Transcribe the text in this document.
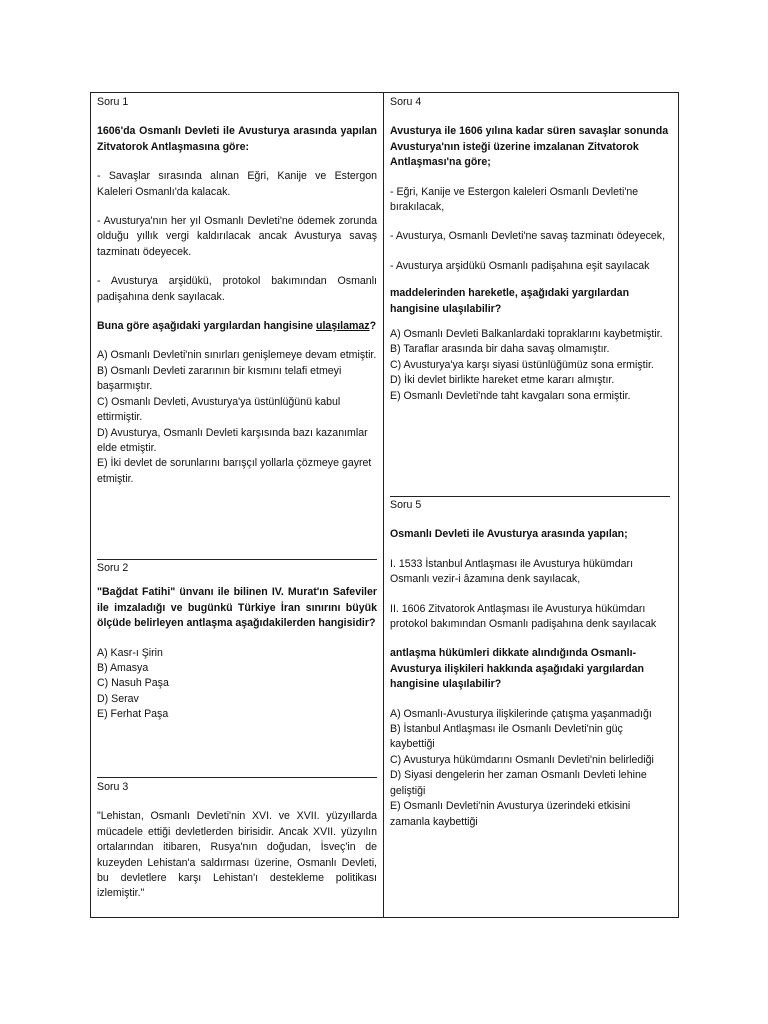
Soru 1

1606'da Osmanlı Devleti ile Avusturya arasında yapılan Zitvatorok Antlaşmasına göre:

- Savaşlar sırasında alınan Eğri, Kanije ve Estergon Kaleleri Osmanlı'da kalacak.

- Avusturya'nın her yıl Osmanlı Devleti'ne ödemek zorunda olduğu yıllık vergi kaldırılacak ancak Avusturya savaş tazminatı ödeyecek.

- Avusturya arşidükü, protokol bakımından Osmanlı padişahına denk sayılacak.

Buna göre aşağıdaki yargılardan hangisine ulaşılamaz?

A) Osmanlı Devleti'nin sınırları genişlemeye devam etmiştir.

B) Osmanlı Devleti zararının bir kısmını telafi etmeyi başarmıştır.

C) Osmanlı Devleti, Avusturya'ya üstünlüğünü kabul ettirmiştir.

D) Avusturya, Osmanlı Devleti karşısında bazı kazanımlar elde etmiştir.

E) İki devlet de sorunlarını barışçıl yollarla çözmeye gayret etmiştir.

Soru 2

"Bağdat Fatihi" ünvanı ile bilinen IV. Murat'ın Safeviler ile imzaladığı ve bugünkü Türkiye İran sınırını büyük ölçüde belirleyen antlaşma aşağıdakilerden hangisidir?

A) Kasr-ı Şirin

B) Amasya

C) Nasuh Paşa

D) Serav

E) Ferhat Paşa

Soru 3

"Lehistan, Osmanlı Devleti'nin XVI. ve XVII. yüzyıllarda mücadele ettiği devletlerden birisidir. Ancak XVII. yüzyılın ortalarından itibaren, Rusya'nın doğudan, İsveç'in de kuzeyden Lehistan'a saldırması üzerine, Osmanlı Devleti, bu devletlere karşı Lehistan'ı destekleme politikası izlemiştir."

Soru 4

Avusturya ile 1606 yılına kadar süren savaşlar sonunda Avusturya'nın isteği üzerine imzalanan Zitvatorok Antlaşması'na göre;

- Eğri, Kanije ve Estergon kaleleri Osmanlı Devleti'ne bırakılacak,

- Avusturya, Osmanlı Devleti'ne savaş tazminatı ödeyecek,

- Avusturya arşidükü Osmanlı padişahına eşit sayılacak

maddelerinden hareketle, aşağıdaki yargılardan hangisine ulaşılabilir?

A) Osmanlı Devleti Balkanlardaki topraklarını kaybetmiştir.

B) Taraflar arasında bir daha savaş olmamıştır.

C) Avusturya'ya karşı siyasi üstünlüğümüz sona ermiştir.

D) İki devlet birlikte hareket etme kararı almıştır.

E) Osmanlı Devleti'nde taht kavgaları sona ermiştir.

Soru 5

Osmanlı Devleti ile Avusturya arasında yapılan;

I. 1533 İstanbul Antlaşması ile Avusturya hükümdarı Osmanlı vezir-i âzamına denk sayılacak,

II. 1606 Zitvatorok Antlaşması ile Avusturya hükümdarı protokol bakımından Osmanlı padişahına denk sayılacak

antlaşma hükümleri dikkate alındığında Osmanlı-Avusturya ilişkileri hakkında aşağıdaki yargılardan hangisine ulaşılabilir?

A) Osmanlı-Avusturya ilişkilerinde çatışma yaşanmadığı

B) İstanbul Antlaşması ile Osmanlı Devleti'nin güç kaybettiği

C) Avusturya hükümdarını Osmanlı Devleti'nin belirlediği

D) Siyasi dengelerin her zaman Osmanlı Devleti lehine geliştiği

E) Osmanlı Devleti'nin Avusturya üzerindeki etkisini zamanla kaybettiği
